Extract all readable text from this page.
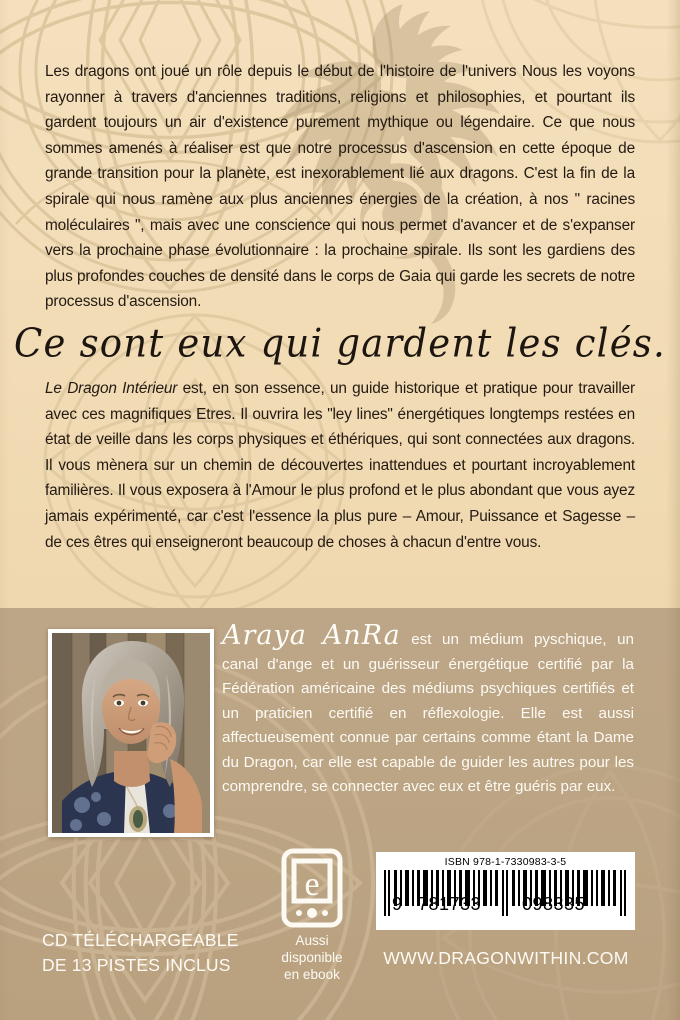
Les dragons ont joué un rôle depuis le début de l'histoire de l'univers Nous les voyons rayonner à travers d'anciennes traditions, religions et philosophies, et pourtant ils gardent toujours un air d'existence purement mythique ou légendaire. Ce que nous sommes amenés à réaliser est que notre processus d'ascension en cette époque de grande transition pour la planète, est inexorablement lié aux dragons. C'est la fin de la spirale qui nous ramène aux plus anciennes énergies de la création, à nos " racines moléculaires ", mais avec une conscience qui nous permet d'avancer et de s'expanser vers la prochaine phase évolutionnaire : la prochaine spirale. Ils sont les gardiens des plus profondes couches de densité dans le corps de Gaia qui garde les secrets de notre processus d'ascension.
Ce sont eux qui gardent les clés.
Le Dragon Intérieur est, en son essence, un guide historique et pratique pour travailler avec ces magnifiques Etres. Il ouvrira les "ley lines" énergétiques longtemps restées en état de veille dans les corps physiques et éthériques, qui sont connectées aux dragons. Il vous mènera sur un chemin de découvertes inattendues et pourtant incroyablement familières. Il vous exposera à l'Amour le plus profond et le plus abondant que vous ayez jamais expérimenté, car c'est l'essence la plus pure – Amour, Puissance et Sagesse – de ces êtres qui enseigneront beaucoup de choses à chacun d'entre vous.
Araya AnRa est un médium pyschique, un canal d'ange et un guérisseur énergétique certifié par la Fédération américaine des médiums psychiques certifiés et un praticien certifié en réflexologie. Elle est aussi affectueusement connue par certains comme étant la Dame du Dragon, car elle est capable de guider les autres pour les comprendre, se connecter avec eux et être guéris par eux.
CD TÉLÉCHARGEABLE
DE 13 PISTES INCLUS
e
Aussi disponible
en ebook
ISBN 978-1-7330983-3-5
9 781733 098335
WWW.DRAGONWITHIN.COM
